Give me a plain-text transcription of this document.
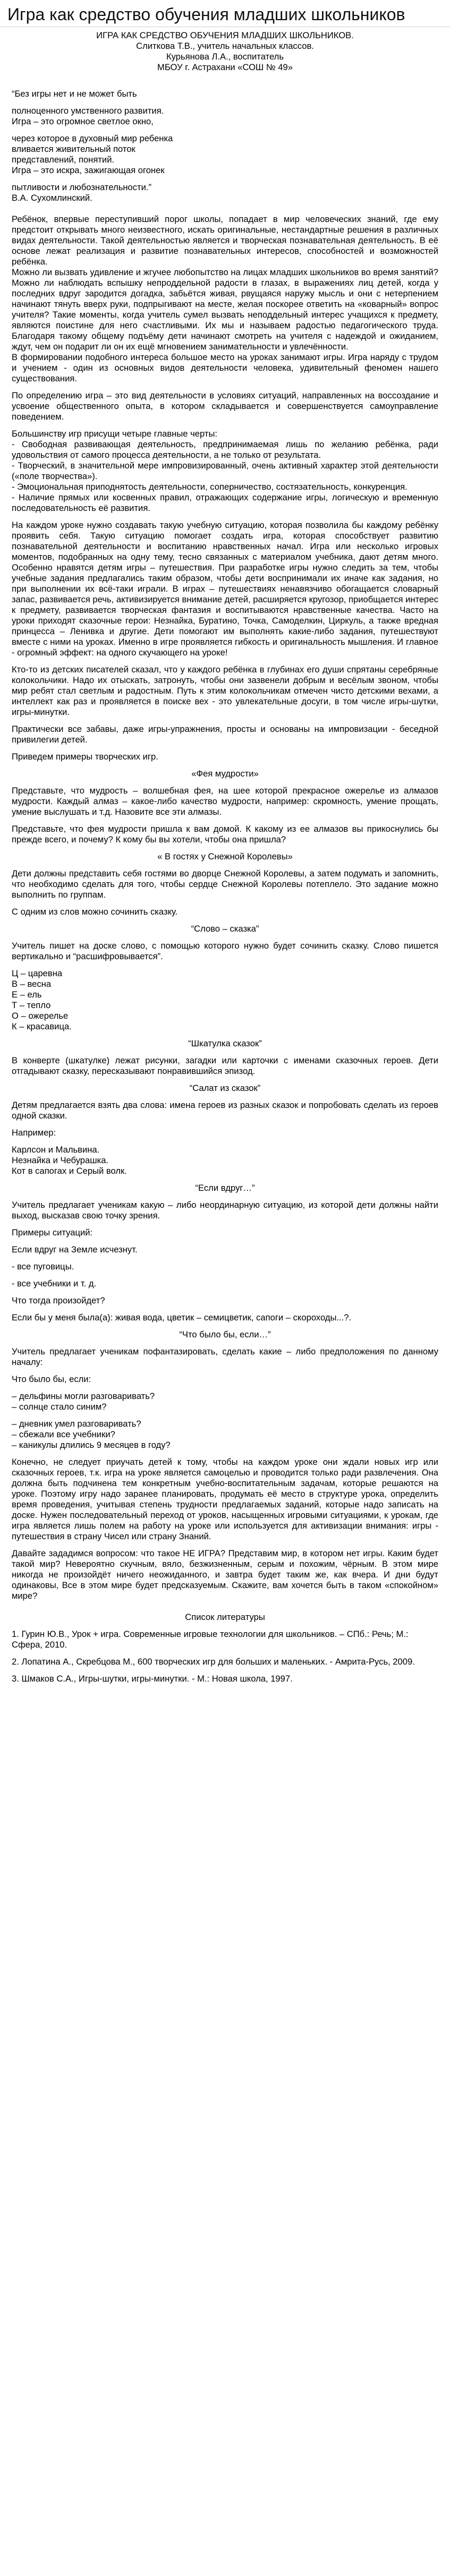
Игра как средство обучения младших школьников

ИГРА КАК СРЕДСТВО ОБУЧЕНИЯ МЛАДШИХ ШКОЛЬНИКОВ.

Слиткова Т.В., учитель начальных классов.

Курьянова Л.А., воспитатель

МБОУ г. Астрахани «СОШ № 49»

“Без игры нет и не может быть

полноценного умственного развития.

Игра – это огромное светлое окно,

через которое в духовный мир ребенка

вливается живительный поток

представлений, понятий.

Игра – это искра, зажигающая огонек

пытливости и любознательности.”

В.А. Сухомлинский.

Ребёнок, впервые переступивший порог школы, попадает в мир человеческих знаний, где ему предстоит открывать много неизвестного, искать оригинальные, нестандартные решения в различных видах деятельности. Такой деятельностью является и творческая познавательная деятельность. В её основе лежат реализация и развитие познавательных интересов, способностей и возможностей ребёнка.

Можно ли вызвать удивление и жгучее любопытство на лицах младших школьников во время занятий? Можно ли наблюдать вспышку непроддельной радости в глазах, в выражениях лиц детей, когда у последних вдруг зародится догадка, забьётся живая, рвущаяся наружу мысль и они с нетерпением начинают тянуть вверх руки, подпрыгивают на месте, желая поскорее ответить на «коварный» вопрос учителя? Такие моменты, когда учитель сумел вызвать неподдельный интерес учащихся к предмету, являются поистине для него счастливыми. Их мы и называем радостью педагогического труда. Благодаря такому общему подъёму дети начинают смотреть на учителя с надеждой и ожиданием, ждут, чем он подарит ли он их ещё мгновением занимательности и увлечённости.

В формировании подобного интереса большое место на уроках занимают игры. Игра наряду с трудом и учением - один из основных видов деятельности человека, удивительный феномен нашего существования.

По определению игра – это вид деятельности в условиях ситуаций, направленных на воссоздание и усвоение общественного опыта, в котором складывается и совершенствуется самоуправление поведением.

Большинству игр присущи четыре главные черты:

- Свободная развивающая деятельность, предпринимаемая лишь по желанию ребёнка, ради удовольствия от самого процесса деятельности, а не только от результата.
- Творческий, в значительной мере импровизированный, очень активный характер этой деятельности («поле творчества»).
- Эмоциональная приподнятость деятельности, соперничество, состязательность, конкуренция.
- Наличие прямых или косвенных правил, отражающих содержание игры, логическую и временную последовательность её развития.

На каждом уроке нужно создавать такую учебную ситуацию, которая позволила бы каждому ребёнку проявить себя. Такую ситуацию помогает создать игра, которая способствует развитию познавательной деятельности и воспитанию нравственных начал. Игра или несколько игровых моментов, подобранных на одну тему, тесно связанных с материалом учебника, дают детям много. Особенно нравятся детям игры – путешествия. При разработке игры нужно следить за тем, чтобы учебные задания предлагались таким образом, чтобы дети воспринимали их иначе как задания, но при выполнении их всё-таки играли. В играх – путешествиях ненавязчиво обогащается словарный запас, развивается речь, активизируется внимание детей, расширяется кругозор, приобщается интерес к предмету, развивается творческая фантазия и воспитываются нравственные качества. Часто на уроки приходят сказочные герои: Незнайка, Буратино, Точка, Самоделкин, Циркуль, а также вредная принцесса – Ленивка и другие. Дети помогают им выполнять какие-либо задания, путешествуют вместе с ними на уроках. Именно в игре проявляется гибкость и оригинальность мышления. И главное - огромный эффект: на одного скучающего на уроке!

Кто-то из детских писателей сказал, что у каждого ребёнка в глубинах его души спрятаны серебряные колокольчики. Надо их отыскать, затронуть, чтобы они зазвенели добрым и весёлым звоном, чтобы мир ребят стал светлым и радостным. Путь к этим колокольчикам отмечен чисто детскими вехами, а интеллект как раз и проявляется в поиске вех - это увлекательные досуги, в том числе игры-шутки, игры-минутки.

Практически все забавы, даже игры-упражнения, просты и основаны на импровизации - беседной привилегии детей.

Приведем примеры творческих игр.

«Фея мудрости»

Представьте, что мудрость – волшебная фея, на шее которой прекрасное ожерелье из алмазов мудрости. Каждый алмаз – какое-либо качество мудрости, например: скромность, умение прощать, умение выслушать и т.д. Назовите все эти алмазы.

Представьте, что фея мудрости пришла к вам домой. К какому из ее алмазов вы прикоснулись бы прежде всего, и почему? К кому бы вы хотели, чтобы она пришла?

« В гостях у Снежной Королевы»

Дети должны представить себя гостями во дворце Снежной Королевы, а затем подумать и запомнить, что необходимо сделать для того, чтобы сердце Снежной Королевы потеплело. Это задание можно выполнить по группам.

С одним из слов можно сочинить сказку.

“Слово – сказка”

Учитель пишет на доске слово, с помощью которого нужно будет сочинить сказку. Слово пишется вертикально и “расшифровывается”.

Ц – царевна

В – весна

Е – ель

Т – тепло

О – ожерелье

К – красавица.

“Шкатулка сказок”

В конверте (шкатулке) лежат рисунки, загадки или карточки с именами сказочных героев. Дети отгадывают сказку, пересказывают понравившийся эпизод.

“Салат из сказок”

Детям предлагается взять два слова: имена героев из разных сказок и попробовать сделать из героев одной сказки.

Например:

Карлсон и Мальвина.

Незнайка и Чебурашка.

Кот в сапогах и Серый волк.

“Если вдруг…”

Учитель предлагает ученикам какую – либо неординарную ситуацию, из которой дети должны найти выход, высказав свою точку зрения.

Примеры ситуаций:

Если вдруг на Земле исчезнут.

- все пуговицы.

- все учебники и т. д.

Что тогда произойдет?

Если бы у меня была(а): живая вода, цветик – семицветик, сапоги – скороходы...?.

“Что было бы, если…”

Учитель предлагает ученикам пофантазировать, сделать какие – либо предположения по данному началу:

Что было бы, если:

– дельфины могли разговаривать?

– солнце стало синим?

– дневник умел разговаривать?

– сбежали все учебники?

– каникулы длились 9 месяцев в году?

Конечно, не следует приучать детей к тому, чтобы на каждом уроке они ждали новых игр или сказочных героев, т.к. игра на уроке является самоцелью и проводится только ради развлечения. Она должна быть подчинена тем конкретным учебно-воспитательным задачам, которые решаются на уроке. Поэтому игру надо заранее планировать, продумать её место в структуре урока, определить время проведения, учитывая степень трудности предлагаемых заданий, которые надо записать на доске. Нужен последовательный переход от уроков, насыщенных игровыми ситуациями, к урокам, где игра является лишь полем на работу на уроке или используется для активизации внимания: игры - путешествия в страну Чисел или страну Знаний.

Давайте зададимся вопросом: что такое НЕ ИГРА? Представим мир, в котором нет игры. Каким будет такой мир? Невероятно скучным, вяло, безжизненным, серым и похожим, чёрным. В этом мире никогда не произойдёт ничего неожиданного, и завтра будет таким же, как вчера. И дни будут одинаковы, Все в этом мире будет предсказуемым. Скажите, вам хочется быть в таком «спокойном» мире?

Список литературы

1. Гурин Ю.В., Урок + игра. Современные игровые технологии для школьников. – СПб.: Речь; М.: Сфера, 2010.

2. Лопатина А., Скребцова М., 600 творческих игр для больших и маленьких. - Амрита-Русь, 2009.

3. Шмаков С.А., Игры-шутки, игры-минутки. - М.: Новая школа, 1997.
